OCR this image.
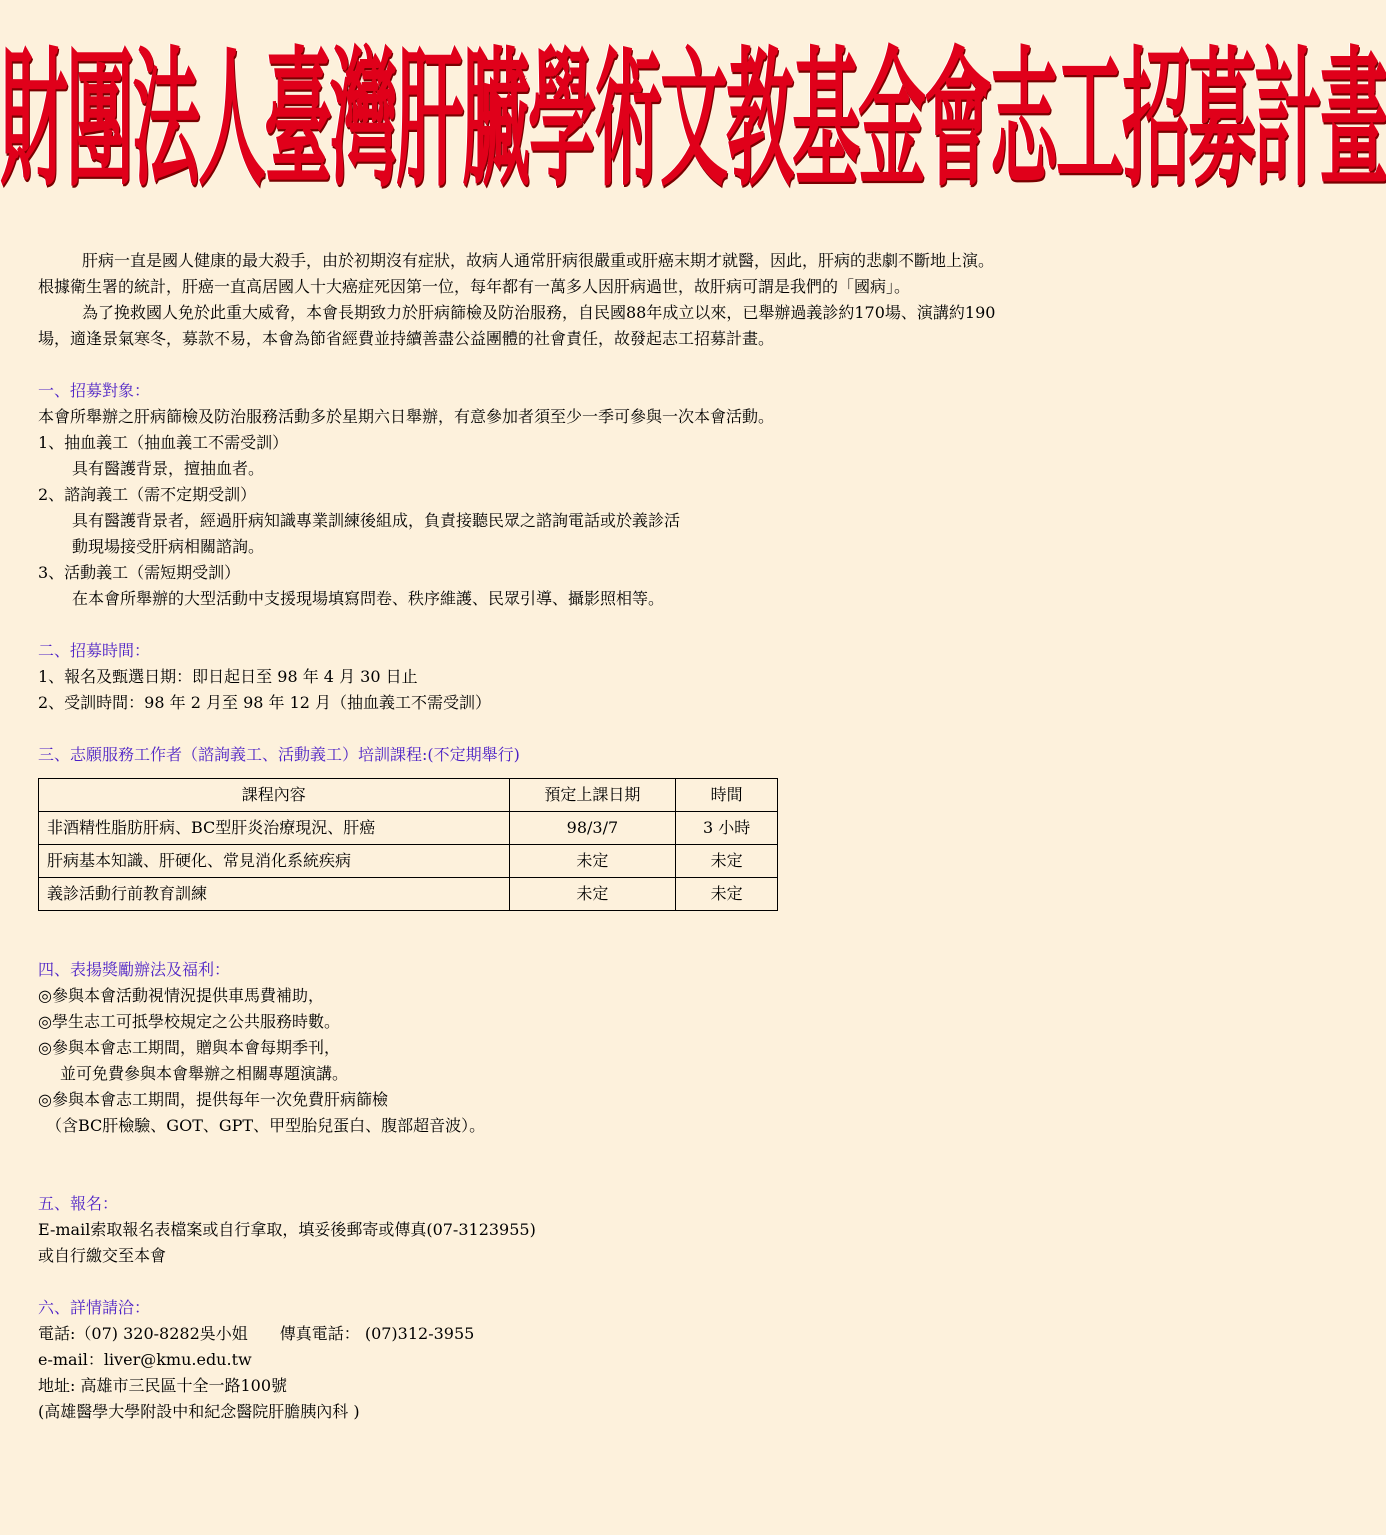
財團法人臺灣肝臟學術文教基金會志工招募計畫

肝病一直是國人健康的最大殺手，由於初期沒有症狀，故病人通常肝病很嚴重或肝癌末期才就醫，因此，肝病的悲劇不斷地上演。根據衛生署的統計，肝癌一直高居國人十大癌症死因第一位，每年都有一萬多人因肝病過世，故肝病可謂是我們的「國病」。

為了挽救國人免於此重大威脅，本會長期致力於肝病篩檢及防治服務，自民國88年成立以來，已舉辦過義診約170場、演講約190場，適逢景氣寒冬，募款不易，本會為節省經費並持續善盡公益團體的社會責任，故發起志工招募計畫。

一、招募對象：

本會所舉辦之肝病篩檢及防治服務活動多於星期六日舉辦，有意參加者須至少一季可參與一次本會活動。

1、抽血義工（抽血義工不需受訓）

具有醫護背景，擅抽血者。

2、諮詢義工（需不定期受訓）

具有醫護背景者，經過肝病知識專業訓練後組成，負責接聽民眾之諮詢電話或於義診活

動現場接受肝病相關諮詢。

3、活動義工（需短期受訓）

在本會所舉辦的大型活動中支援現場填寫問卷、秩序維護、民眾引導、攝影照相等。

二、招募時間：

1、報名及甄選日期：即日起日至 98 年 4 月 30 日止

2、受訓時間：98 年 2 月至 98 年 12 月（抽血義工不需受訓）

三、志願服務工作者（諮詢義工、活動義工）培訓課程:(不定期舉行)

課程內容	預定上課日期	時間
非酒精性脂肪肝病、BC型肝炎治療現況、肝癌	98/3/7	3 小時
肝病基本知識、肝硬化、常見消化系統疾病	未定	未定
義診活動行前教育訓練	未定	未定

四、表揚獎勵辦法及福利：

◎參與本會活動視情況提供車馬費補助，

◎學生志工可抵學校規定之公共服務時數。

◎參與本會志工期間，贈與本會每期季刊，

並可免費參與本會舉辦之相關專題演講。

◎參與本會志工期間，提供每年一次免費肝病篩檢

（含BC肝檢驗、GOT、GPT、甲型胎兒蛋白、腹部超音波）。

五、報名：

E-mail索取報名表檔案或自行拿取，填妥後郵寄或傳真(07-3123955)

或自行繳交至本會

六、詳情請洽：

電話:（07) 320-8282吳小姐　　傳真電話： (07)312-3955

e-mail：liver@kmu.edu.tw

地址: 高雄市三民區十全一路100號

(高雄醫學大學附設中和紀念醫院肝膽胰內科 )
